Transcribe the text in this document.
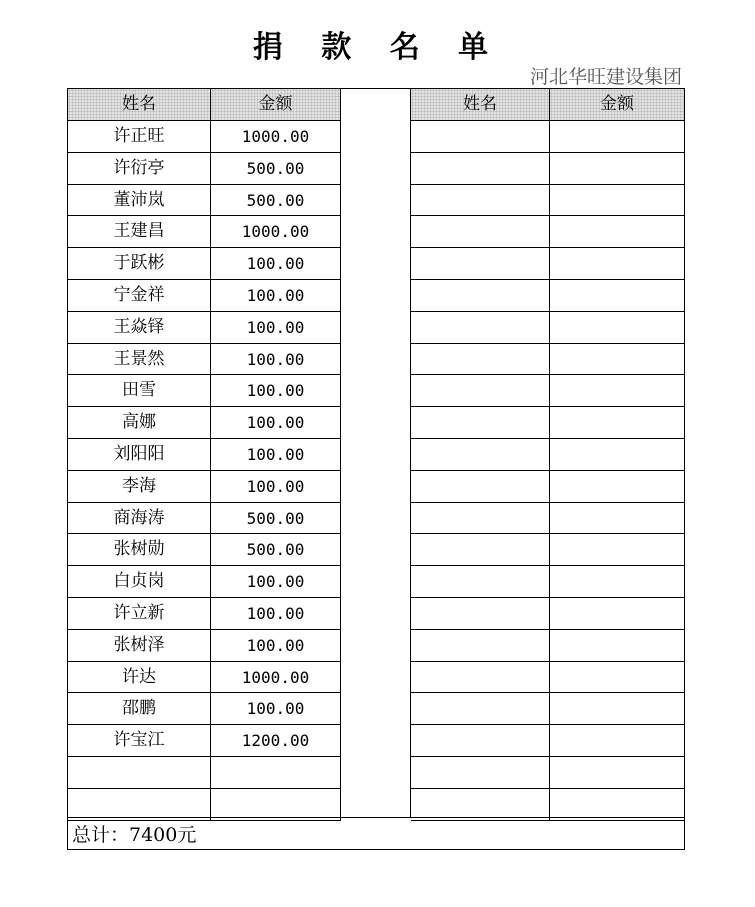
捐 款 名 单
河北华旺建设集团
姓名	金额	姓名	金额
许正旺	1000.00
许衍亭	500.00
董沛岚	500.00
王建昌	1000.00
于跃彬	100.00
宁金祥	100.00
王焱铎	100.00
王景然	100.00
田雪	100.00
高娜	100.00
刘阳阳	100.00
李海	100.00
商海涛	500.00
张树勋	500.00
白贞岗	100.00
许立新	100.00
张树泽	100.00
许达	1000.00
邵鹏	100.00
许宝江	1200.00
总计：7400元
